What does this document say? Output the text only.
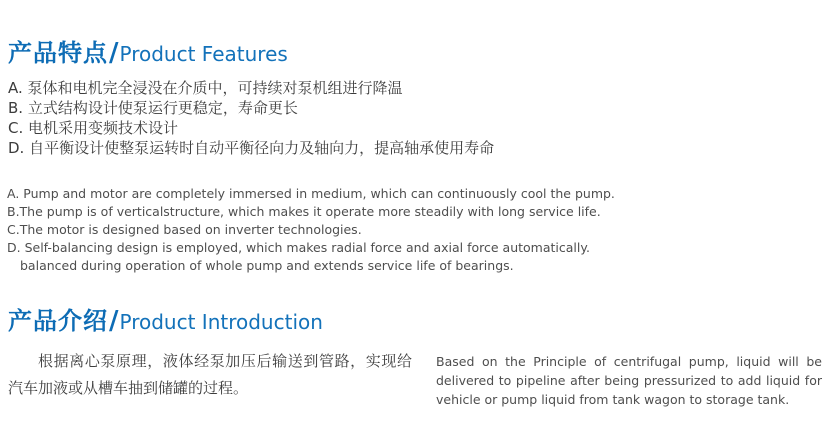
产品特点/Product Features
A. 泵体和电机完全浸没在介质中，可持续对泵机组进行降温
B. 立式结构设计使泵运行更稳定，寿命更长
C. 电机采用变频技术设计
D. 自平衡设计使整泵运转时自动平衡径向力及轴向力，提高轴承使用寿命
A. Pump and motor are completely immersed in medium, which can continuously cool the pump.
B.The pump is of verticalstructure, which makes it operate more steadily with long service life.
C.The motor is designed based on inverter technologies.
D. Self-balancing design is employed, which makes radial force and axial force automatically.
balanced during operation of whole pump and extends service life of bearings.
产品介绍/Product Introduction
根据离心泵原理，液体经泵加压后输送到管路，实现给汽车加液或从槽车抽到储罐的过程。
Based on the Principle of centrifugal pump, liquid will be delivered to pipeline after being pressurized to add liquid for vehicle or pump liquid from tank wagon to storage tank.
